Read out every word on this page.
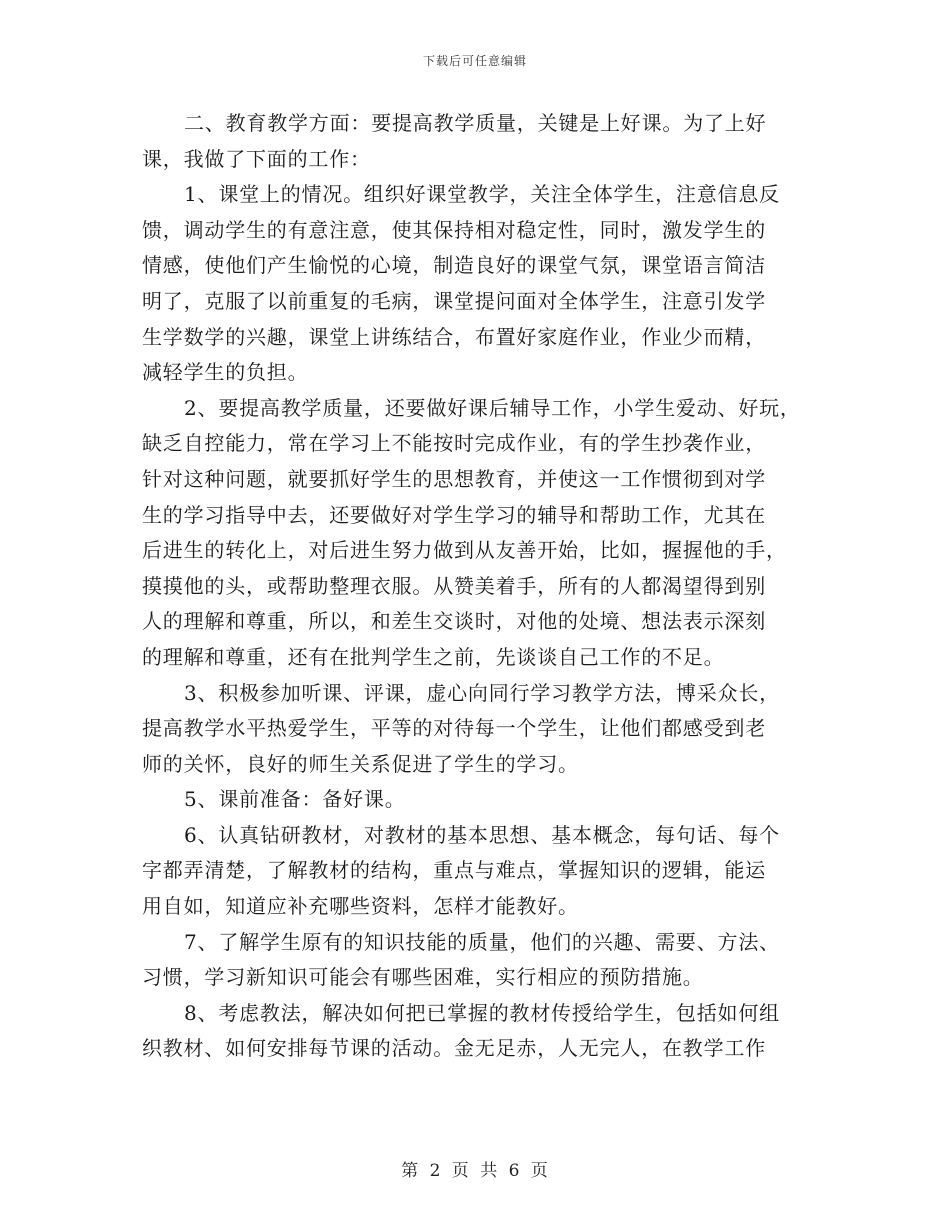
下载后可任意编辑
二、教育教学方面：要提高教学质量，关键是上好课。为了上好
课，我做了下面的工作：
1、课堂上的情况。组织好课堂教学，关注全体学生，注意信息反
馈，调动学生的有意注意，使其保持相对稳定性，同时，激发学生的
情感，使他们产生愉悦的心境，制造良好的课堂气氛，课堂语言简洁
明了，克服了以前重复的毛病，课堂提问面对全体学生，注意引发学
生学数学的兴趣，课堂上讲练结合，布置好家庭作业，作业少而精，
减轻学生的负担。
2、要提高教学质量，还要做好课后辅导工作，小学生爱动、好玩，
缺乏自控能力，常在学习上不能按时完成作业，有的学生抄袭作业，
针对这种问题，就要抓好学生的思想教育，并使这一工作惯彻到对学
生的学习指导中去，还要做好对学生学习的辅导和帮助工作，尤其在
后进生的转化上，对后进生努力做到从友善开始，比如，握握他的手，
摸摸他的头，或帮助整理衣服。从赞美着手，所有的人都渴望得到别
人的理解和尊重，所以，和差生交谈时，对他的处境、想法表示深刻
的理解和尊重，还有在批判学生之前，先谈谈自己工作的不足。
3、积极参加听课、评课，虚心向同行学习教学方法，博采众长，
提高教学水平热爱学生，平等的对待每一个学生，让他们都感受到老
师的关怀，良好的师生关系促进了学生的学习。
5、课前准备：备好课。
6、认真钻研教材，对教材的基本思想、基本概念，每句话、每个
字都弄清楚，了解教材的结构，重点与难点，掌握知识的逻辑，能运
用自如，知道应补充哪些资料，怎样才能教好。
7、了解学生原有的知识技能的质量，他们的兴趣、需要、方法、
习惯，学习新知识可能会有哪些困难，实行相应的预防措施。
8、考虑教法，解决如何把已掌握的教材传授给学生，包括如何组
织教材、如何安排每节课的活动。金无足赤，人无完人，在教学工作
第 2 页 共 6 页
